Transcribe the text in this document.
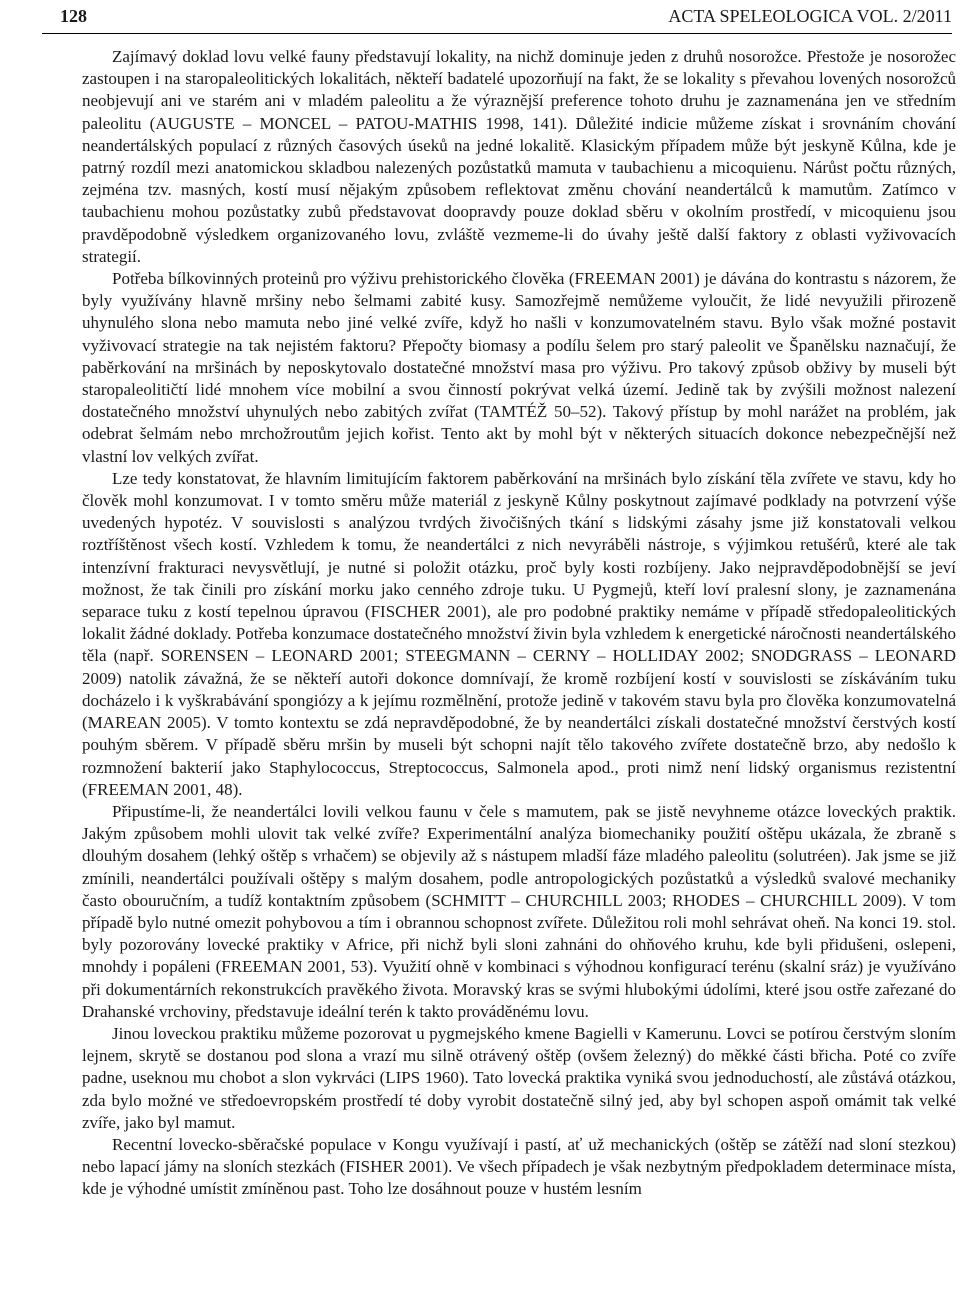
128	ACTA SPELEOLOGICA VOL. 2/2011

Zajímavý doklad lovu velké fauny představují lokality, na nichž dominuje jeden z druhů nosorožce. Přestože je nosorožec zastoupen i na staropaleolitických lokalitách, někteří badatelé upozorňují na fakt, že se lokality s převahou lovených nosorožců neobjevují ani ve starém ani v mladém paleolitu a že výraznější preference tohoto druhu je zaznamenána jen ve středním paleolitu (AUGUSTE – MONCEL – PATOU-MATHIS 1998, 141). Důležité indicie můžeme získat i srovnáním chování neandertálských populací z různých časových úseků na jedné lokalitě. Klasickým případem může být jeskyně Kůlna, kde je patrný rozdíl mezi anatomickou skladbou nalezených pozůstatků mamuta v taubachienu a micoquienu. Nárůst počtu různých, zejména tzv. masných, kostí musí nějakým způsobem reflektovat změnu chování neandertálců k mamutům. Zatímco v taubachienu mohou pozůstatky zubů představovat doopravdy pouze doklad sběru v okolním prostředí, v micoquienu jsou pravděpodobně výsledkem organizovaného lovu, zvláště vezmeme-li do úvahy ještě další faktory z oblasti vyživovacích strategií.

Potřeba bílkovinných proteinů pro výživu prehistorického člověka (FREEMAN 2001) je dávána do kontrastu s názorem, že byly využívány hlavně mršiny nebo šelmami zabité kusy. Samozřejmě nemůžeme vyloučit, že lidé nevyužili přirozeně uhynulého slona nebo mamuta nebo jiné velké zvíře, když ho našli v konzumovatelném stavu. Bylo však možné postavit vyživovací strategie na tak nejistém faktoru? Přepočty biomasy a podílu šelem pro starý paleolit ve Španělsku naznačují, že paběrkování na mršinách by neposkytovalo dostatečné množství masa pro výživu. Pro takový způsob obživy by museli být staropaleolitičtí lidé mnohem více mobilní a svou činností pokrývat velká území. Jedině tak by zvýšili možnost nalezení dostatečného množství uhynulých nebo zabitých zvířat (TAMTÉŽ 50–52). Takový přístup by mohl narážet na problém, jak odebrat šelmám nebo mrchožroutům jejich kořist. Tento akt by mohl být v některých situacích dokonce nebezpečnější než vlastní lov velkých zvířat.

Lze tedy konstatovat, že hlavním limitujícím faktorem paběrkování na mršinách bylo získání těla zvířete ve stavu, kdy ho člověk mohl konzumovat. I v tomto směru může materiál z jeskyně Kůlny poskytnout zajímavé podklady na potvrzení výše uvedených hypotéz. V souvislosti s analýzou tvrdých živočišných tkání s lidskými zásahy jsme již konstatovali velkou roztříštěnost všech kostí. Vzhledem k tomu, že neandertálci z nich nevyráběli nástroje, s výjimkou retušérů, které ale tak intenzívní frakturaci nevysvětlují, je nutné si položit otázku, proč byly kosti rozbíjeny. Jako nejpravděpodobnější se jeví možnost, že tak činili pro získání morku jako cenného zdroje tuku. U Pygmejů, kteří loví pralesní slony, je zaznamenána separace tuku z kostí tepelnou úpravou (FISCHER 2001), ale pro podobné praktiky nemáme v případě středopaleolitických lokalit žádné doklady. Potřeba konzumace dostatečného množství živin byla vzhledem k energetické náročnosti neandertálského těla (např. SORENSEN – LEONARD 2001; STEEGMANN – CERNY – HOLLIDAY 2002; SNODGRASS – LEONARD 2009) natolik závažná, že se někteří autoři dokonce domnívají, že kromě rozbíjení kostí v souvislosti se získáváním tuku docházelo i k vyškrabávání spongiózy a k jejímu rozmělnění, protože jedině v takovém stavu byla pro člověka konzumovatelná (MAREAN 2005). V tomto kontextu se zdá nepravděpodobné, že by neandertálci získali dostatečné množství čerstvých kostí pouhým sběrem. V případě sběru mršin by museli být schopni najít tělo takového zvířete dostatečně brzo, aby nedošlo k rozmnožení bakterií jako Staphylococcus, Streptococcus, Salmonela apod., proti nimž není lidský organismus rezistentní (FREEMAN 2001, 48).

Připustíme-li, že neandertálci lovili velkou faunu v čele s mamutem, pak se jistě nevyhneme otázce loveckých praktik. Jakým způsobem mohli ulovit tak velké zvíře? Experimentální analýza biomechaniky použití oštěpu ukázala, že zbraně s dlouhým dosahem (lehký oštěp s vrhačem) se objevily až s nástupem mladší fáze mladého paleolitu (solutréen). Jak jsme se již zmínili, neandertálci používali oštěpy s malým dosahem, podle antropologických pozůstatků a výsledků svalové mechaniky často obouručním, a tudíž kontaktním způsobem (SCHMITT – CHURCHILL 2003; RHODES – CHURCHILL 2009). V tom případě bylo nutné omezit pohybovou a tím i obrannou schopnost zvířete. Důležitou roli mohl sehrávat oheň. Na konci 19. stol. byly pozorovány lovecké praktiky v Africe, při nichž byli sloni zahnáni do ohňového kruhu, kde byli přidušeni, oslepeni, mnohdy i popáleni (FREEMAN 2001, 53). Využití ohně v kombinaci s výhodnou konfigurací terénu (skalní sráz) je využíváno při dokumentárních rekonstrukcích pravěkého života. Moravský kras se svými hlubokými údolími, které jsou ostře zařezané do Drahanské vrchoviny, představuje ideální terén k takto prováděnému lovu.

Jinou loveckou praktiku můžeme pozorovat u pygmejského kmene Bagielli v Kamerunu. Lovci se potírou čerstvým sloním lejnem, skrytě se dostanou pod slona a vrazí mu silně otrávený oštěp (ovšem železný) do měkké části břicha. Poté co zvíře padne, useknou mu chobot a slon vykrváci (LIPS 1960). Tato lovecká praktika vyniká svou jednoduchostí, ale zůstává otázkou, zda bylo možné ve středoevropském prostředí té doby vyrobit dostatečně silný jed, aby byl schopen aspoň omámit tak velké zvíře, jako byl mamut.

Recentní lovecko-sběračské populace v Kongu využívají i pastí, ať už mechanických (oštěp se zátěží nad sloní stezkou) nebo lapací jámy na sloních stezkách (FISHER 2001). Ve všech případech je však nezbytným předpokladem determinace místa, kde je výhodné umístit zmíněnou past. Toho lze dosáhnout pouze v hustém lesním
